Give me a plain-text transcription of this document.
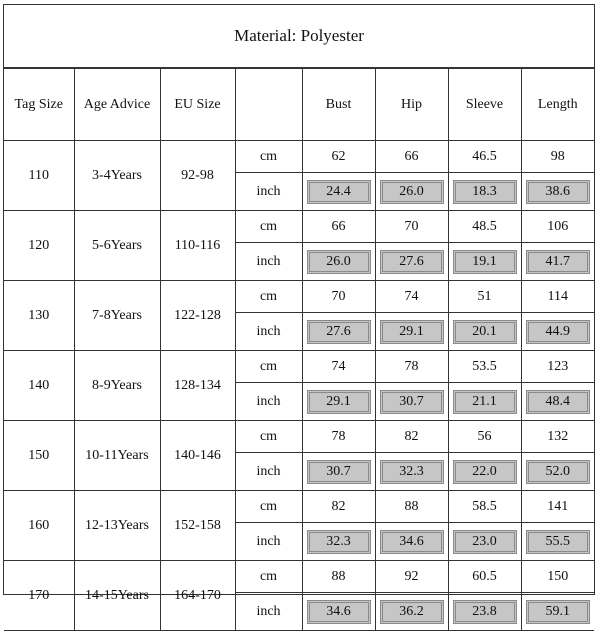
Material: Polyester
Tag Size	Age Advice	EU Size		Bust	Hip	Sleeve	Length
110	3-4Years	92-98	cm	62	66	46.5	98
			inch	24.4	26.0	18.3	38.6

120	5-6Years	110-116	cm	66	70	48.5	106
			inch	26.0	27.6	19.1	41.7

130	7-8Years	122-128	cm	70	74	51	114
			inch	27.6	29.1	20.1	44.9

140	8-9Years	128-134	cm	74	78	53.5	123
			inch	29.1	30.7	21.1	48.4

150	10-11Years	140-146	cm	78	82	56	132
			inch	30.7	32.3	22.0	52.0

160	12-13Years	152-158	cm	82	88	58.5	141
			inch	32.3	34.6	23.0	55.5

170	14-15Years	164-170	cm	88	92	60.5	150
			inch	34.6	36.2	23.8	59.1
